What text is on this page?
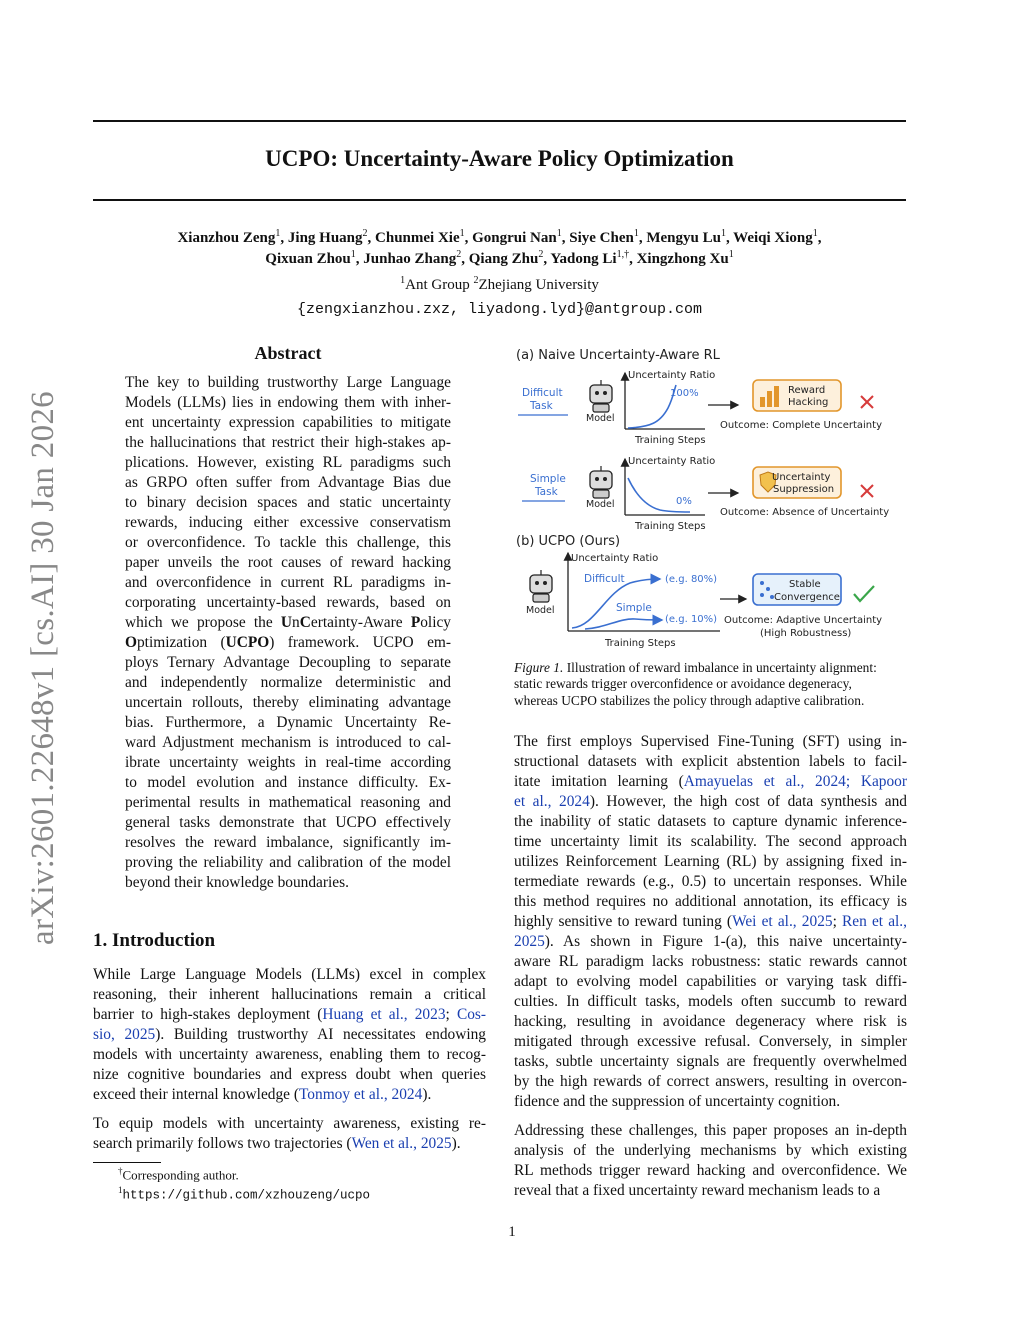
UCPO: Uncertainty-Aware Policy Optimization
Xianzhou Zeng$^1$, Jing Huang$^2$, Chunmei Xie$^1$, Gongrui Nan$^1$, Siye Chen$^1$, Mengyu Lu$^1$, Weiqi Xiong$^1$,
Qixuan Zhou$^1$, Junhao Zhang$^2$, Qiang Zhu$^2$, Yadong $Li^{1,\dagger}$, Xingzhong Xu$^1$
$^1$Ant Group $^2$Zhejiang University
{zengxianzhou.zxz, liyadong.lyd}@antgroup.com
arXiv:2601.22648v1 [cs.AI] 30 Jan 2026
Abstract
The key to building trustworthy Large Language
Models (LLMs) lies in endowing them with inher-
ent uncertainty expression capabilities to mitigate
the hallucinations that restrict their high-stakes ap-
plications. However, existing RL paradigms such
as GRPO often suffer from Advantage Bias due
to binary decision spaces and static uncertainty
rewards, inducing either excessive conservatism
or overconfidence. To tackle this challenge, this
paper unveils the root causes of reward hacking
and overconfidence in current RL paradigms in-
corporating uncertainty-based rewards, based on
which we propose the UnCertainty-Aware Policy
Optimization (UCPO) framework. UCPO em-
ploys Ternary Advantage Decoupling to separate
and independently normalize deterministic and
uncertain rollouts, thereby eliminating advantage
bias. Furthermore, a Dynamic Uncertainty Re-
ward Adjustment mechanism is introduced to cal-
ibrate uncertainty weights in real-time according
to model evolution and instance difficulty. Ex-
perimental results in mathematical reasoning and
general tasks demonstrate that UCPO effectively
resolves the reward imbalance, significantly im-
proving the reliability and calibration of the model
beyond their knowledge boundaries.
1. Introduction
While Large Language Models (LLMs) excel in complex
reasoning, their inherent hallucinations remain a critical
barrier to high-stakes deployment (Huang et al., 2023; Cos-
sio, 2025). Building trustworthy AI necessitates endowing
models with uncertainty awareness, enabling them to recog-
nize cognitive boundaries and express doubt when queries
exceed their internal knowledge (Tonmoy et al., 2024).
To equip models with uncertainty awareness, existing re-
search primarily follows two trajectories (Wen et al., 2025).
†Corresponding author.
$^1$https://github.com/xzhouzeng/ucpo
(a) Naive Uncertainty-Aware RL
Difficult
Task
Model
Uncertainty Ratio
Training Steps
100%	Reward
Hacking
Outcome: Complete Uncertainty
Simple
Task
Model
Uncertainty Ratio
Training Steps
0%
Uncertainty
Suppression
Outcome: Absence of Uncertainty
(b) UCPO (Ours)
Model
Uncertainty Ratio
Training Steps
Difficult
Simple
(e.g. 80%)
(e.g. 10%)
Stable
Convergence
Outcome: Adaptive Uncertainty
(High Robustness)
Figure 1. Illustration of reward imbalance in uncertainty alignment:
static rewards trigger overconfidence or avoidance degeneracy,
whereas UCPO stabilizes the policy through adaptive calibration.
The first employs Supervised Fine-Tuning (SFT) using in-
structional datasets with explicit abstention labels to facil-
itate imitation learning (Amayuelas et al., 2024; Kapoor
et al., 2024). However, the high cost of data synthesis and
the inability of static datasets to capture dynamic inference-
time uncertainty limit its scalability. The second approach
utilizes Reinforcement Learning (RL) by assigning fixed in-
termediate rewards (e.g., 0.5) to uncertain responses. While
this method requires no additional annotation, its efficacy is
highly sensitive to reward tuning (Wei et al., 2025; Ren et al.,
2025). As shown in Figure 1-(a), this naive uncertainty-
aware RL paradigm lacks robustness: static rewards cannot
adapt to evolving model capabilities or varying task diffi-
culties. In difficult tasks, models often succumb to reward
hacking, resulting in avoidance degeneracy where risk is
mitigated through excessive refusal. Conversely, in simpler
tasks, subtle uncertainty signals are frequently overwhelmed
by the high rewards of correct answers, resulting in overcon-
fidence and the suppression of uncertainty cognition.
Addressing these challenges, this paper proposes an in-depth
analysis of the underlying mechanisms by which existing
RL methods trigger reward hacking and overconfidence. We
reveal that a fixed uncertainty reward mechanism leads to a
1
